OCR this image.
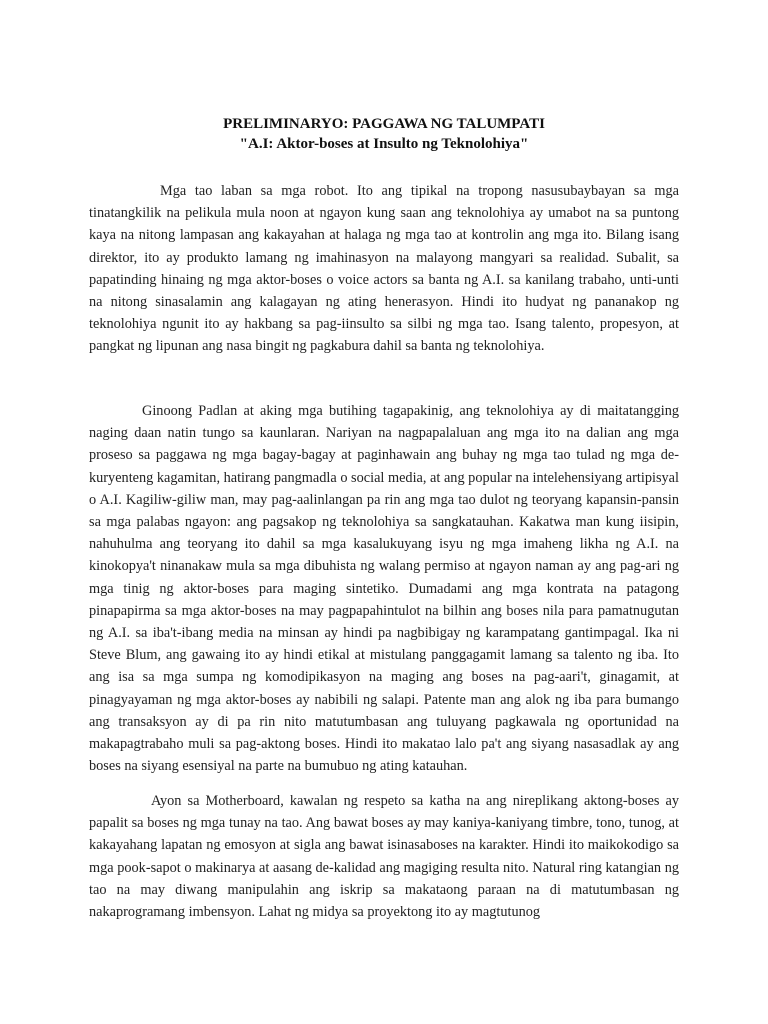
PRELIMINARYO: PAGGAWA NG TALUMPATI
"A.I: Aktor-boses at Insulto ng Teknolohiya"

Mga tao laban sa mga robot. Ito ang tipikal na tropong nasusubaybayan sa mga tinatangkilik na pelikula mula noon at ngayon kung saan ang teknolohiya ay umabot na sa puntong kaya na nitong lampasan ang kakayahan at halaga ng mga tao at kontrolin ang mga ito. Bilang isang direktor, ito ay produkto lamang ng imahinasyon na malayong mangyari sa realidad. Subalit, sa papatinding hinaing ng mga aktor-boses o voice actors sa banta ng A.I. sa kanilang trabaho, unti-unti na nitong sinasalamin ang kalagayan ng ating henerasyon. Hindi ito hudyat ng pananakop ng teknolohiya ngunit ito ay hakbang sa pag-iinsulto sa silbi ng mga tao. Isang talento, propesyon, at pangkat ng lipunan ang nasa bingit ng pagkabura dahil sa banta ng teknolohiya.

Ginoong Padlan at aking mga butihing tagapakinig, ang teknolohiya ay di maitatangging naging daan natin tungo sa kaunlaran. Nariyan na nagpapalaluan ang mga ito na dalian ang mga proseso sa paggawa ng mga bagay-bagay at paginhawain ang buhay ng mga tao tulad ng mga de-kuryenteng kagamitan, hatirang pangmadla o social media, at ang popular na intelehensiyang artipisyal o A.I. Kagiliw-giliw man, may pag-aalinlangan pa rin ang mga tao dulot ng teoryang kapansin-pansin sa mga palabas ngayon: ang pagsakop ng teknolohiya sa sangkatauhan. Kakatwa man kung iisipin, nahuhulma ang teoryang ito dahil sa mga kasalukuyang isyu ng mga imaheng likha ng A.I. na kinokopya't ninanakaw mula sa mga dibuhista ng walang permiso at ngayon naman ay ang pag-ari ng mga tinig ng aktor-boses para maging sintetiko. Dumadami ang mga kontrata na patagong pinapapirma sa mga aktor-boses na may pagpapahintulot na bilhin ang boses nila para pamatnugutan ng A.I. sa iba't-ibang media na minsan ay hindi pa nagbibigay ng karampatang gantimpagal. Ika ni Steve Blum, ang gawaing ito ay hindi etikal at mistulang panggagamit lamang sa talento ng iba. Ito ang isa sa mga sumpa ng komodipikasyon na maging ang boses na pag-aari't, ginagamit, at pinagyayaman ng mga aktor-boses ay nabibili ng salapi. Patente man ang alok ng iba para bumango ang transaksyon ay di pa rin nito matutumbasan ang tuluyang pagkawala ng oportunidad na makapagtrabaho muli sa pag-aktong boses. Hindi ito makatao lalo pa't ang siyang nasasadlak ay ang boses na siyang esensiyal na parte na bumubuo ng ating katauhan.

Ayon sa Motherboard, kawalan ng respeto sa katha na ang nireplikang aktong-boses ay papalit sa boses ng mga tunay na tao. Ang bawat boses ay may kaniya-kaniyang timbre, tono, tunog, at kakayahang lapatan ng emosyon at sigla ang bawat isinasaboses na karakter. Hindi ito maikokodigo sa mga pook-sapot o makinarya at aasang de-kalidad ang magiging resulta nito. Natural ring katangian ng tao na may diwang manipulahin ang iskrip sa makataong paraan na di matutumbasan ng nakaprogramang imbensyon. Lahat ng midya sa proyektong ito ay magtutunog
